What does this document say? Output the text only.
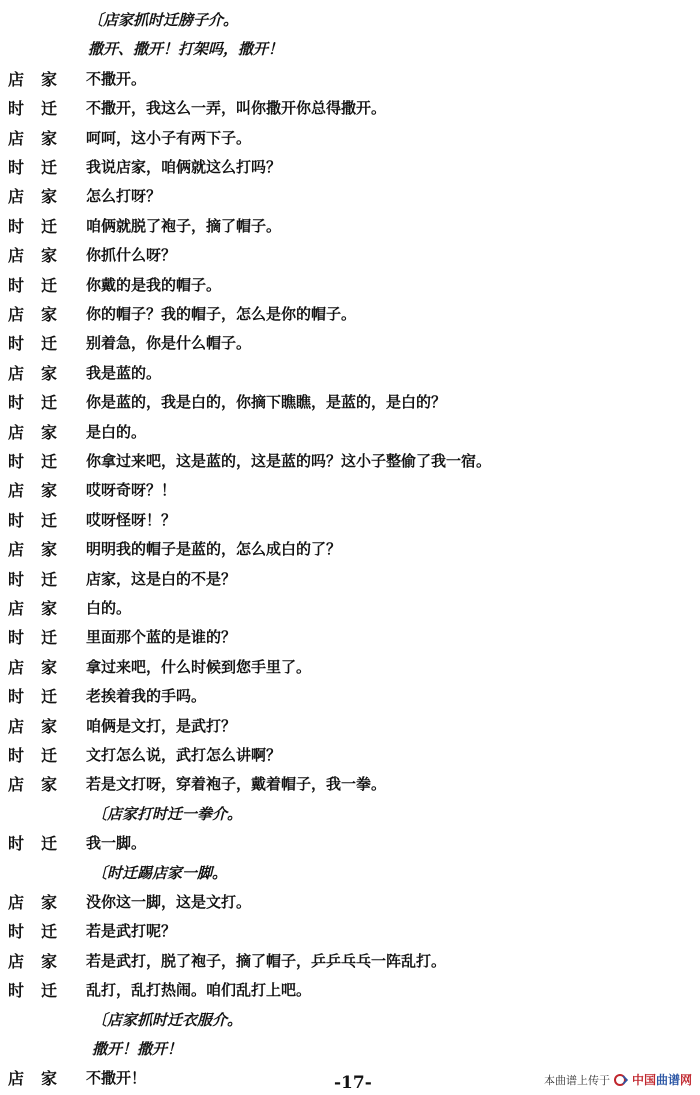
〔店家抓时迁膀子介。
撒开、撒开！打架吗，撒开！
店家 不撒开。
时迁 不撒开，我这么一弄，叫你撒开你总得撒开。
店家 呵呵，这小子有两下子。
时迁 我说店家，咱俩就这么打吗？
店家 怎么打呀？
时迁 咱俩就脱了袍子，摘了帽子。
店家 你抓什么呀？
时迁 你戴的是我的帽子。
店家 你的帽子？我的帽子，怎么是你的帽子。
时迁 别着急，你是什么帽子。
店家 我是蓝的。
时迁 你是蓝的，我是白的，你摘下瞧瞧，是蓝的，是白的？
店家 是白的。
时迁 你拿过来吧，这是蓝的，这是蓝的吗？这小子整偷了我一宿。
店家 哎呀奇呀？！
时迁 哎呀怪呀！？
店家 明明我的帽子是蓝的，怎么成白的了？
时迁 店家，这是白的不是？
店家 白的。
时迁 里面那个蓝的是谁的？
店家 拿过来吧，什么时候到您手里了。
时迁 老挨着我的手吗。
店家 咱俩是文打，是武打？
时迁 文打怎么说，武打怎么讲啊？
店家 若是文打呀，穿着袍子，戴着帽子，我一拳。
〔店家打时迁一拳介。
时迁 我一脚。
〔时迁踢店家一脚。
店家 没你这一脚，这是文打。
时迁 若是武打呢？
店家 若是武打，脱了袍子，摘了帽子，乒乒乓乓一阵乱打。
时迁 乱打，乱打热闹。咱们乱打上吧。
〔店家抓时迁衣服介。
撒开！撒开！
店家 不撒开！	-17-	本曲谱上传于 中国曲谱网
